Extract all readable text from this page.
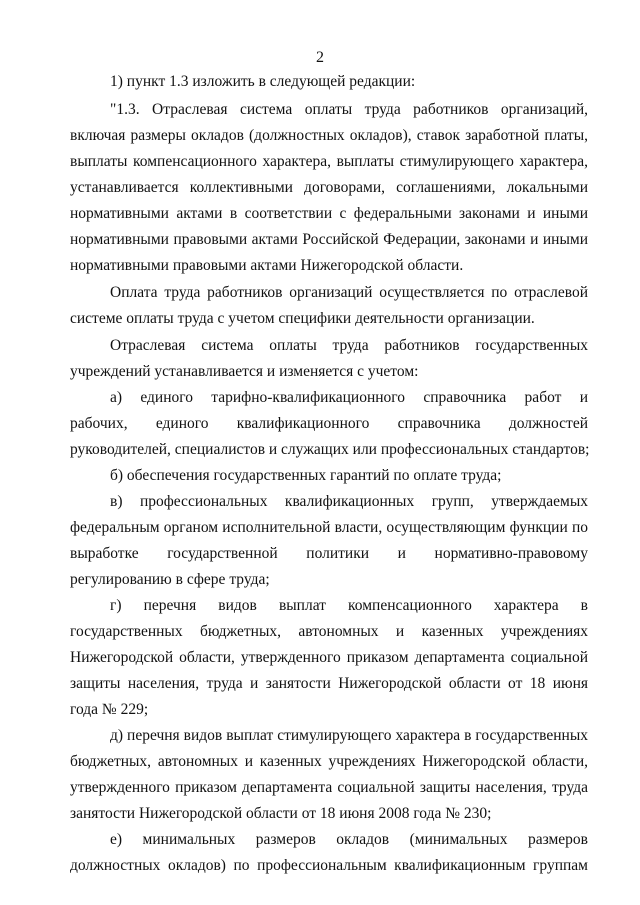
2
1) пункт 1.3 изложить в следующей редакции:
"1.3. Отраслевая система оплаты труда работников организаций,
включая размеры окладов (должностных окладов), ставок заработной платы,
выплаты компенсационного характера, выплаты стимулирующего характера,
устанавливается коллективными договорами, соглашениями, локальными
нормативными актами в соответствии с федеральными законами и иными
нормативными правовыми актами Российской Федерации, законами и иными
нормативными правовыми актами Нижегородской области.
Оплата труда работников организаций осуществляется по отраслевой
системе оплаты труда с учетом специфики деятельности организации.
Отраслевая система оплаты труда работников государственных
учреждений устанавливается и изменяется с учетом:
а) единого тарифно-квалификационного справочника работ и
рабочих, единого квалификационного справочника должностей
руководителей, специалистов и служащих или профессиональных стандартов;
б) обеспечения государственных гарантий по оплате труда;
в) профессиональных квалификационных групп, утверждаемых
федеральным органом исполнительной власти, осуществляющим функции по
выработке государственной политики и нормативно-правовому
регулированию в сфере труда;
г) перечня видов выплат компенсационного характера в
государственных бюджетных, автономных и казенных учреждениях
Нижегородской области, утвержденного приказом департамента социальной
защиты населения, труда и занятости Нижегородской области от 18 июня
года № 229;
д) перечня видов выплат стимулирующего характера в государственных
бюджетных, автономных и казенных учреждениях Нижегородской области,
утвержденного приказом департамента социальной защиты населения, труда
занятости Нижегородской области от 18 июня 2008 года № 230;
е) минимальных размеров окладов (минимальных размеров
должностных окладов) по профессиональным квалификационным группам
